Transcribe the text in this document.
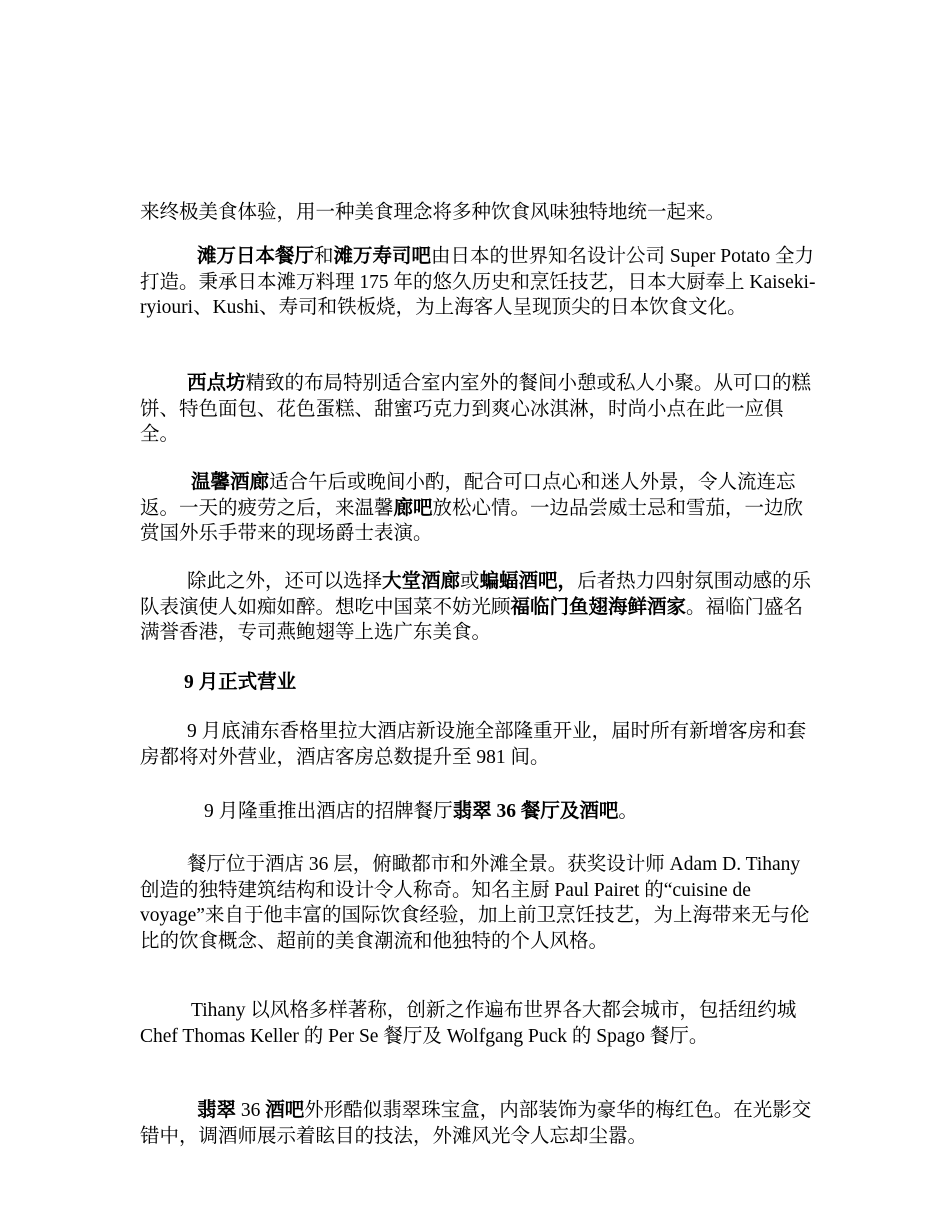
来终极美食体验，用一种美食理念将多种饮食风味独特地统一起来。

滩万日本餐厅和滩万寿司吧由日本的世界知名设计公司 Super Potato 全力打造。秉承日本滩万料理 175 年的悠久历史和烹饪技艺，日本大厨奉上 Kaiseki-ryiouri、Kushi、寿司和铁板烧，为上海客人呈现顶尖的日本饮食文化。

西点坊精致的布局特别适合室内室外的餐间小憩或私人小聚。从可口的糕饼、特色面包、花色蛋糕、甜蜜巧克力到爽心冰淇淋，时尚小点在此一应俱全。

温馨酒廊适合午后或晚间小酌，配合可口点心和迷人外景，令人流连忘返。一天的疲劳之后，来温馨廊吧放松心情。一边品尝威士忌和雪茄，一边欣赏国外乐手带来的现场爵士表演。

除此之外，还可以选择大堂酒廊或蝙蝠酒吧，后者热力四射氛围动感的乐队表演使人如痴如醉。想吃中国菜不妨光顾福临门鱼翅海鲜酒家。福临门盛名满誉香港，专司燕鲍翅等上选广东美食。

9 月正式营业

9 月底浦东香格里拉大酒店新设施全部隆重开业，届时所有新增客房和套房都将对外营业，酒店客房总数提升至 981 间。

9 月隆重推出酒店的招牌餐厅翡翠 36 餐厅及酒吧。

餐厅位于酒店 36 层，俯瞰都市和外滩全景。获奖设计师 Adam D. Tihany 创造的独特建筑结构和设计令人称奇。知名主厨 Paul Pairet 的“cuisine de voyage”来自于他丰富的国际饮食经验，加上前卫烹饪技艺，为上海带来无与伦比的饮食概念、超前的美食潮流和他独特的个人风格。

Tihany 以风格多样著称，创新之作遍布世界各大都会城市，包括纽约城 Chef Thomas Keller 的 Per Se 餐厅及 Wolfgang Puck 的 Spago 餐厅。

翡翠 36 酒吧外形酷似翡翠珠宝盒，内部装饰为豪华的梅红色。在光影交错中，调酒师展示着眩目的技法，外滩风光令人忘却尘嚣。
